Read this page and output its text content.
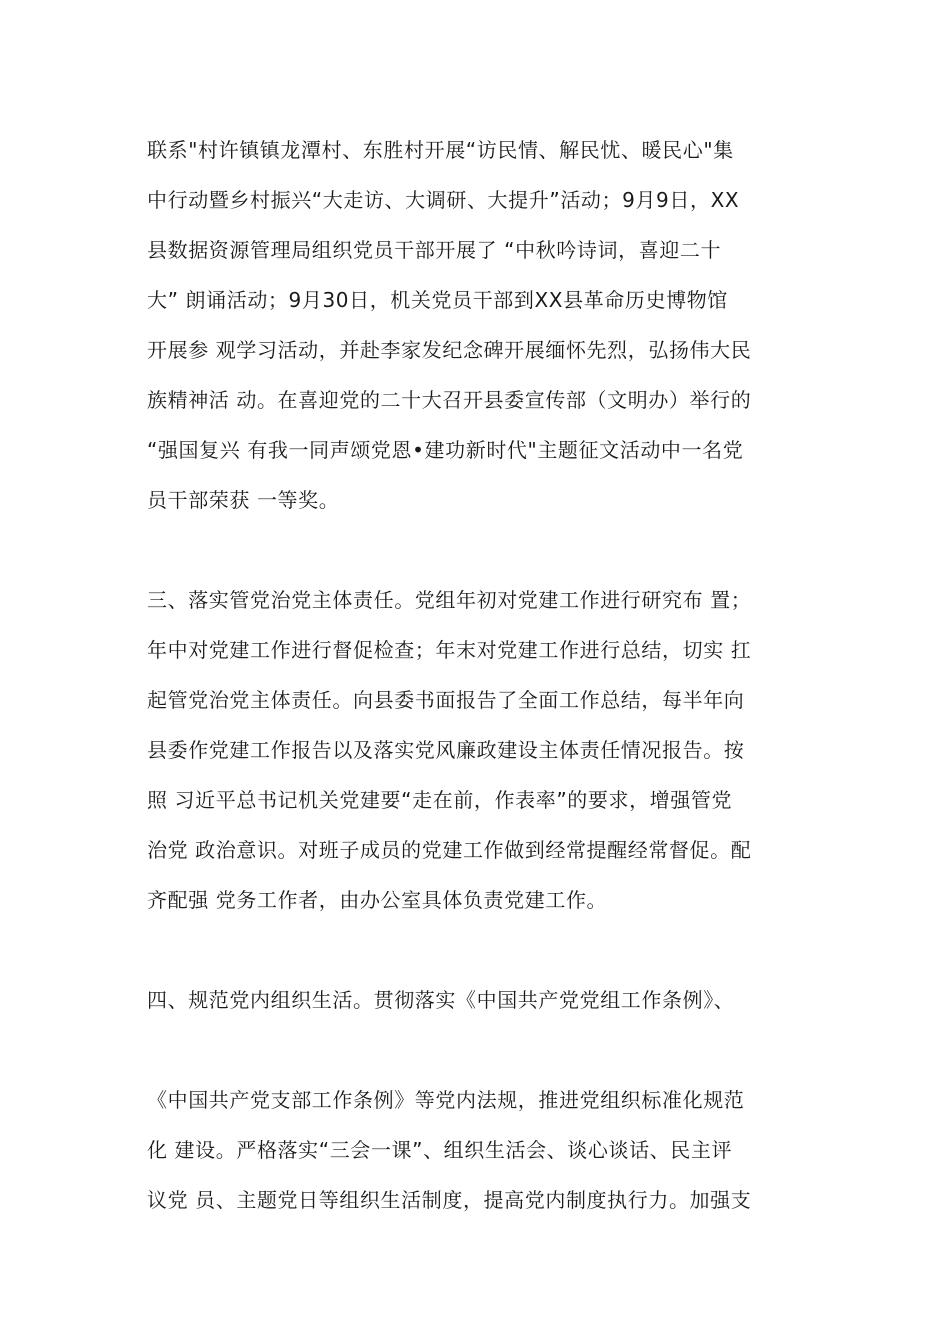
联系"村许镇镇龙潭村、东胜村开展“访民情、解民忧、暖民心"集
中行动暨乡村振兴“大走访、大调研、大提升”活动；9月9日，XX
县数据资源管理局组织党员干部开展了 “中秋吟诗词，喜迎二十
大” 朗诵活动；9月30日，机关党员干部到XX县革命历史博物馆
开展参 观学习活动，并赴李家发纪念碑开展缅怀先烈，弘扬伟大民
族精神活 动。在喜迎党的二十大召开县委宣传部（文明办）举行的
“强国复兴 有我一同声颂党恩•建功新时代"主题征文活动中一名党
员干部荣获 一等奖。
三、落实管党治党主体责任。党组年初对党建工作进行研究布 置；
年中对党建工作进行督促检查；年末对党建工作进行总结，切实 扛
起管党治党主体责任。向县委书面报告了全面工作总结，每半年向
县委作党建工作报告以及落实党风廉政建设主体责任情况报告。按
照 习近平总书记机关党建要“走在前，作表率”的要求，增强管党
治党 政治意识。对班子成员的党建工作做到经常提醒经常督促。配
齐配强 党务工作者，由办公室具体负责党建工作。
四、规范党内组织生活。贯彻落实《中国共产党党组工作条例》、
《中国共产党支部工作条例》等党内法规，推进党组织标准化规范
化 建设。严格落实“三会一课”、组织生活会、谈心谈话、民主评
议党 员、主题党日等组织生活制度，提高党内制度执行力。加强支
